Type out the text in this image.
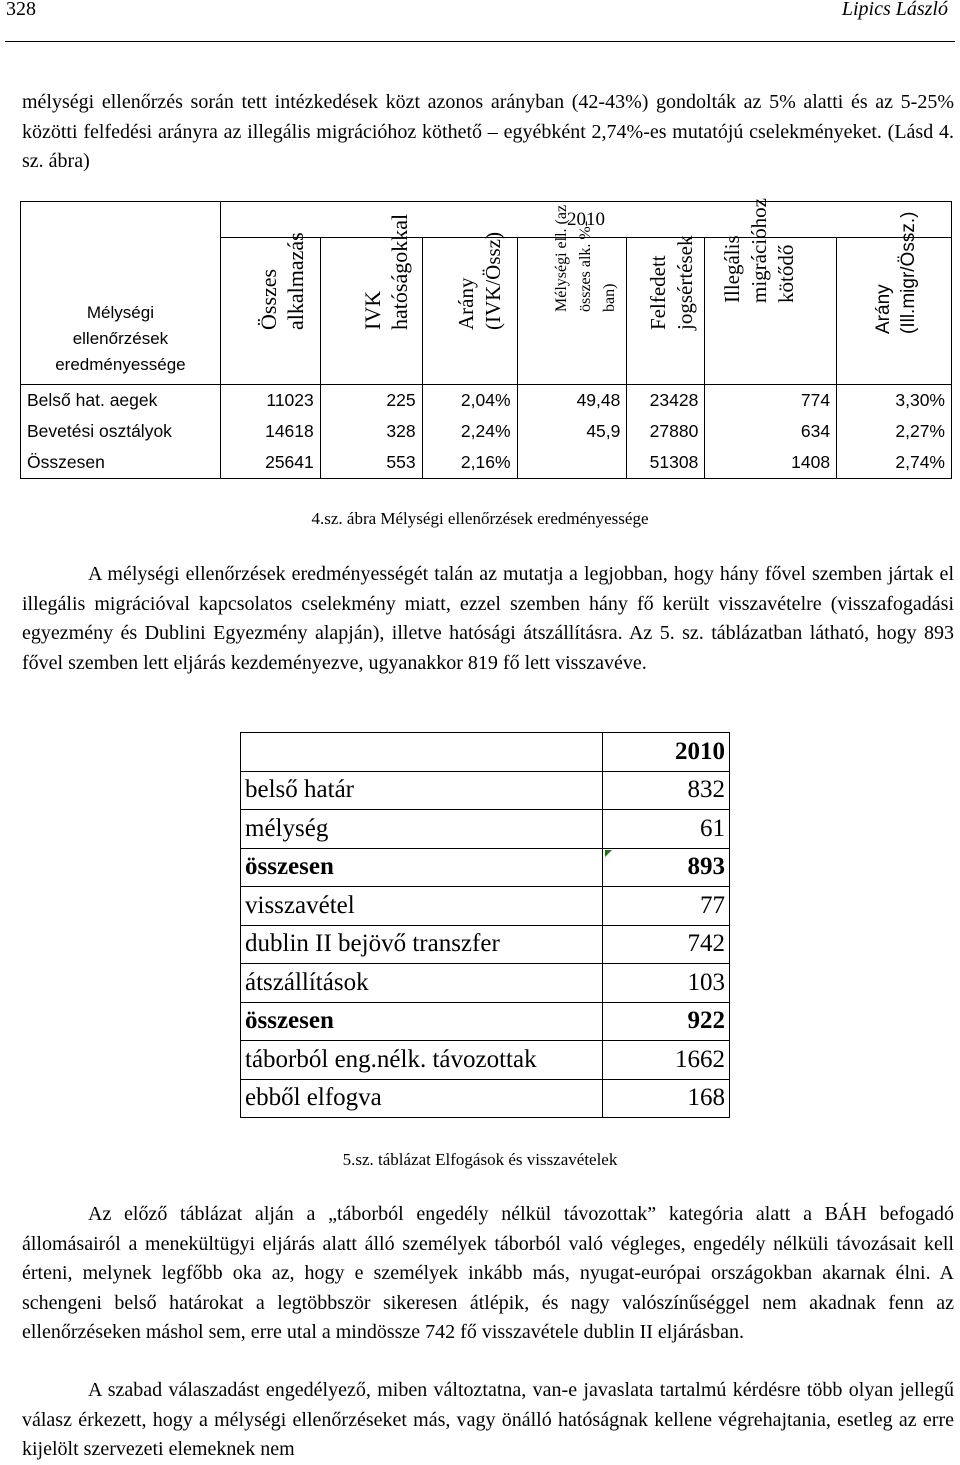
328	Lipics László

mélységi ellenőrzés során tett intézkedések közt azonos arányban (42-43%) gondolták az 5% alatti és az 5-25% közötti felfedési arányra az illegális migrációhoz köthető – egyébként 2,74%-es mutatójú cselekményeket. (Lásd 4. sz. ábra)

Mélységi
ellenőrzések
eredményessége	2010						

	Összes alkalmazás	IVK hatóságokkal	Arány (IVK/Össz)	Mélységi ell. (az összes alk. %- ban)	Felfedett jogsértések	Illegális migrációhoz kötődő	Arány (Ill.migr/Össz.)

Belső hat. aegek	11023	225	2,04%	49,48	23428	774	3,30%
Bevetési osztályok	14618	328	2,24%	45,9	27880	634	2,27%
Összesen	25641	553	2,16%		51308	1408	2,74%
4.sz. ábra Mélységi ellenőrzések eredményessége

A mélységi ellenőrzések eredményességét talán az mutatja a legjobban, hogy hány fővel szemben jártak el illegális migrációval kapcsolatos cselekmény miatt, ezzel szemben hány fő került visszavételre (visszafogadási egyezmény és Dublini Egyezmény alapján), illetve hatósági átszállításra. Az 5. sz. táblázatban látható, hogy 893 fővel szemben lett eljárás kezdeményezve, ugyanakkor 819 fő lett visszavéve.

	2010
belső határ	832
mélység	61
összesen	893
visszavétel	77
dublin II bejövő transzfer	742
átszállítások	103
összesen	922
táborból eng.nélk. távozottak	1662
ebből elfogva	168
5.sz. táblázat Elfogások és visszavételek

Az előző táblázat alján a „táborból engedély nélkül távozottak” kategória alatt a BÁH befogadó állomásairól a menekültügyi eljárás alatt álló személyek táborból való végleges, engedély nélküli távozásait kell érteni, melynek legfőbb oka az, hogy e személyek inkább más, nyugat-európai országokban akarnak élni. A schengeni belső határokat a legtöbbször sikeresen átlépik, és nagy valószínűséggel nem akadnak fenn az ellenőrzéseken máshol sem, erre utal a mindössze 742 fő visszavétele dublin II eljárásban.

A szabad válaszadást engedélyező, miben változtatna, van-e javaslata tartalmú kérdésre több olyan jellegű válasz érkezett, hogy a mélységi ellenőrzéseket más, vagy önálló hatóságnak kellene végrehajtania, esetleg az erre kijelölt szervezeti elemeknek nem
